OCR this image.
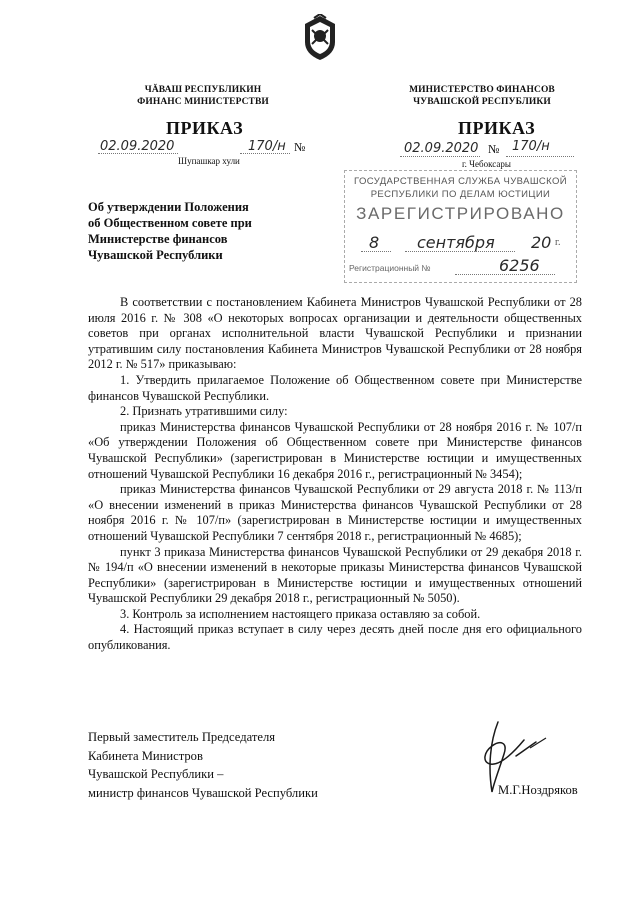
ЧĂВАШ РЕСПУБЛИКИН
ФИНАНС МИНИСТЕРСТВИ
МИНИСТЕРСТВО ФИНАНСОВ
ЧУВАШСКОЙ РЕСПУБЛИКИ
ПРИКАЗ
02.09.2020	170/н №
Шупашкар хули
ПРИКАЗ
02.09.2020 № 170/н
г. Чебоксары
ГОСУДАРСТВЕННАЯ СЛУЖБА ЧУВАШСКОЙ
РЕСПУБЛИКИ ПО ДЕЛАМ ЮСТИЦИИ
ЗАРЕГИСТРИРОВАНО
8 сентября 20 г.
Регистрационный №	6256
Об утверждении Положения
об Общественном совете при
Министерстве финансов
Чувашской Республики

В соответствии с постановлением Кабинета Министров Чувашской Республики от 28 июля 2016 г. № 308 «О некоторых вопросах организации и деятельности общественных советов при органах исполнительной власти Чувашской Республики и признании утратившим силу постановления Кабинета Министров Чувашской Республики от 28 ноября 2012 г. № 517» приказываю:

1. Утвердить прилагаемое Положение об Общественном совете при Министерстве финансов Чувашской Республики.

2. Признать утратившими силу:

приказ Министерства финансов Чувашской Республики от 28 ноября 2016 г. № 107/п «Об утверждении Положения об Общественном совете при Министерстве финансов Чувашской Республики» (зарегистрирован в Министерстве юстиции и имущественных отношений Чувашской Республики 16 декабря 2016 г., регистрационный № 3454);

приказ Министерства финансов Чувашской Республики от 29 августа 2018 г. № 113/п «О внесении изменений в приказ Министерства финансов Чувашской Республики от 28 ноября 2016 г. № 107/п» (зарегистрирован в Министерстве юстиции и имущественных отношений Чувашской Республики 7 сентября 2018 г., регистрационный № 4685);

пункт 3 приказа Министерства финансов Чувашской Республики от 29 декабря 2018 г. № 194/п «О внесении изменений в некоторые приказы Министерства финансов Чувашской Республики» (зарегистрирован в Министерстве юстиции и имущественных отношений Чувашской Республики 29 декабря 2018 г., регистрационный № 5050).

3. Контроль за исполнением настоящего приказа оставляю за собой.

4. Настоящий приказ вступает в силу через десять дней после дня его официального опубликования.

Первый заместитель Председателя
Кабинета Министров
Чувашской Республики –
министр финансов Чувашской Республики	М.Г.Ноздряков
